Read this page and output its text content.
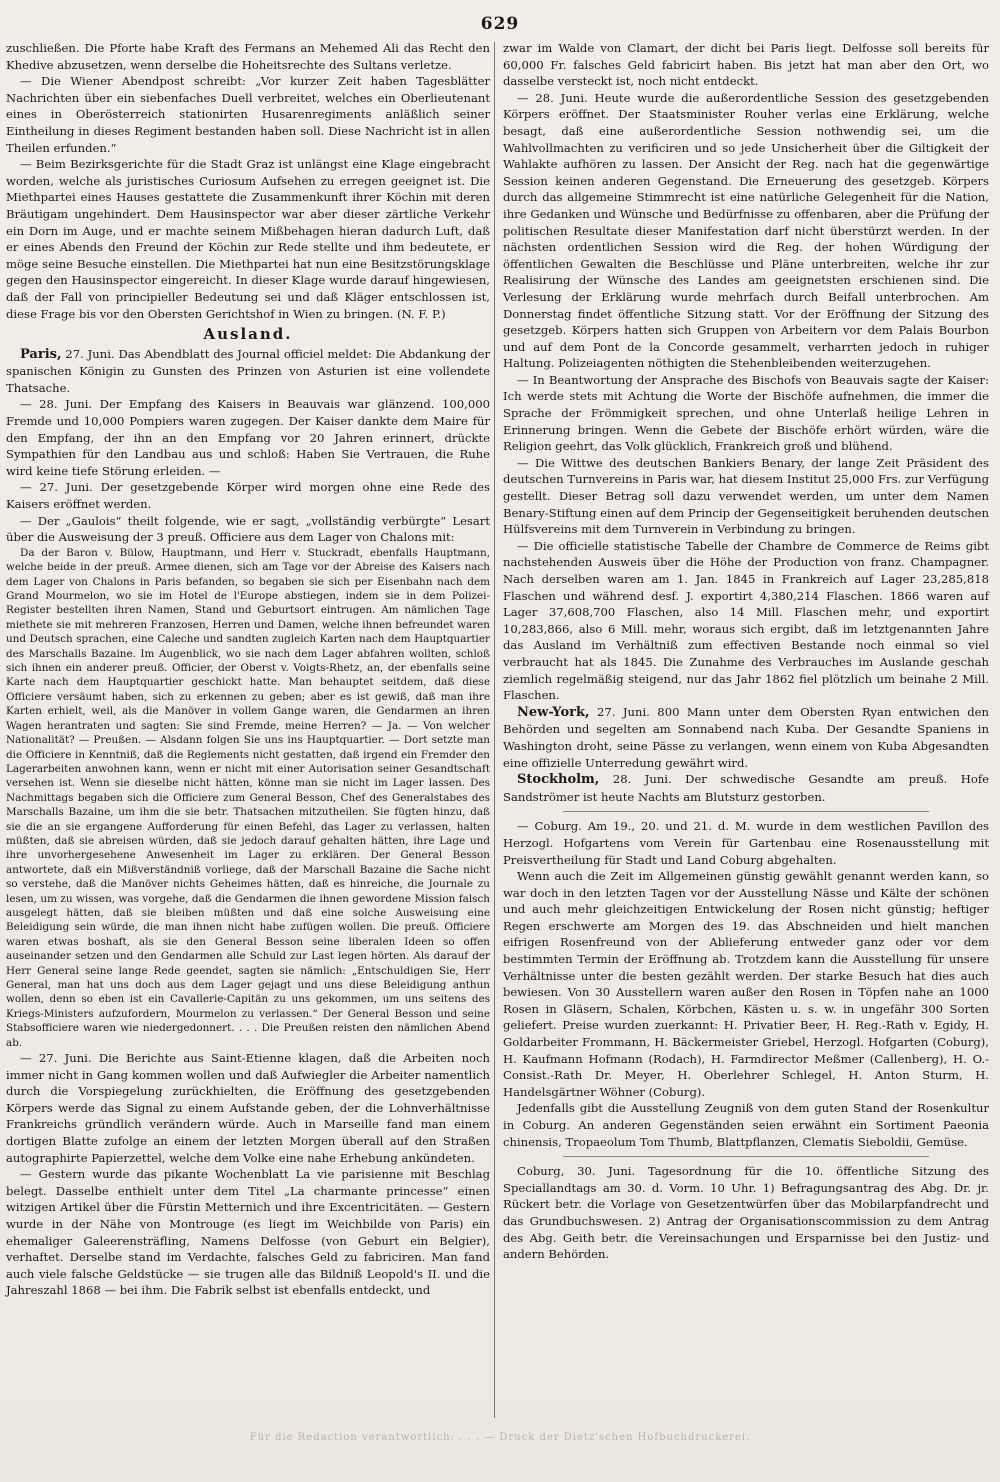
629

zuschließen. Die Pforte habe Kraft des Fermans an Mehemed Ali das Recht den Khedive abzusetzen, wenn derselbe die Hoheitsrechte des Sultans verletze.

— Die Wiener Abendpost schreibt: „Vor kurzer Zeit haben Tagesblätter Nachrichten über ein siebenfaches Duell verbreitet, welches ein Oberlieutenant eines in Oberösterreich stationirten Husarenregiments anläßlich seiner Eintheilung in dieses Regiment bestanden haben soll. Diese Nachricht ist in allen Theilen erfunden.“

— Beim Bezirksgerichte für die Stadt Graz ist unlängst eine Klage eingebracht worden, welche als juristisches Curiosum Aufsehen zu erregen geeignet ist. Die Miethpartei eines Hauses gestattete die Zusammenkunft ihrer Köchin mit deren Bräutigam ungehindert. Dem Hausinspector war aber dieser zärtliche Verkehr ein Dorn im Auge, und er machte seinem Mißbehagen hieran dadurch Luft, daß er eines Abends den Freund der Köchin zur Rede stellte und ihm bedeutete, er möge seine Besuche einstellen. Die Miethpartei hat nun eine Besitzstörungsklage gegen den Hausinspector eingereicht. In dieser Klage wurde darauf hingewiesen, daß der Fall von principieller Bedeutung sei und daß Kläger entschlossen ist, diese Frage bis vor den Obersten Gerichtshof in Wien zu bringen. (N. F. P.)

Ausland.

Paris, 27. Juni. Das Abendblatt des Journal officiel meldet: Die Abdankung der spanischen Königin zu Gunsten des Prinzen von Asturien ist eine vollendete Thatsache.

— 28. Juni. Der Empfang des Kaisers in Beauvais war glänzend. 100,000 Fremde und 10,000 Pompiers waren zugegen. Der Kaiser dankte dem Maire für den Empfang, der ihn an den Empfang vor 20 Jahren erinnert, drückte Sympathien für den Landbau aus und schloß: Haben Sie Vertrauen, die Ruhe wird keine tiefe Störung erleiden. —

— 27. Juni. Der gesetzgebende Körper wird morgen ohne eine Rede des Kaisers eröffnet werden.

— Der „Gaulois“ theilt folgende, wie er sagt, „vollständig verbürgte“ Lesart über die Ausweisung der 3 preuß. Officiere aus dem Lager von Chalons mit:

Da der Baron v. Bülow, Hauptmann, und Herr v. Stuckradt, ebenfalls Hauptmann, welche beide in der preuß. Armee dienen, sich am Tage vor der Abreise des Kaisers nach dem Lager von Chalons in Paris befanden, so begaben sie sich per Eisenbahn nach dem Grand Mourmelon, wo sie im Hotel de l'Europe abstiegen, indem sie in dem Polizei-Register bestellten ihren Namen, Stand und Geburtsort eintrugen. Am nämlichen Tage miethete sie mit mehreren Franzosen, Herren und Damen, welche ihnen befreundet waren und Deutsch sprachen, eine Caleche und sandten zugleich Karten nach dem Hauptquartier des Marschalls Bazaine. Im Augenblick, wo sie nach dem Lager abfahren wollten, schloß sich ihnen ein anderer preuß. Officier, der Oberst v. Voigts-Rhetz, an, der ebenfalls seine Karte nach dem Hauptquartier geschickt hatte. Man behauptet seitdem, daß diese Officiere versäumt haben, sich zu erkennen zu geben; aber es ist gewiß, daß man ihre Karten erhielt, weil, als die Manöver in vollem Gange waren, die Gendarmen an ihren Wagen herantraten und sagten: Sie sind Fremde, meine Herren? — Ja. — Von welcher Nationalität? — Preußen. — Alsdann folgen Sie uns ins Hauptquartier. — Dort setzte man die Officiere in Kenntniß, daß die Reglements nicht gestatten, daß irgend ein Fremder den Lagerarbeiten anwohnen kann, wenn er nicht mit einer Autorisation seiner Gesandtschaft versehen ist. Wenn sie dieselbe nicht hätten, könne man sie nicht im Lager lassen. Des Nachmittags begaben sich die Officiere zum General Besson, Chef des Generalstabes des Marschalls Bazaine, um ihm die sie betr. Thatsachen mitzutheilen. Sie fügten hinzu, daß sie die an sie ergangene Aufforderung für einen Befehl, das Lager zu verlassen, halten müßten, daß sie abreisen würden, daß sie jedoch darauf gehalten hätten, ihre Lage und ihre unvorhergesehene Anwesenheit im Lager zu erklären. Der General Besson antwortete, daß ein Mißverständniß vorliege, daß der Marschall Bazaine die Sache nicht so verstehe, daß die Manöver nichts Geheimes hätten, daß es hinreiche, die Journale zu lesen, um zu wissen, was vorgehe, daß die Gendarmen die ihnen gewordene Mission falsch ausgelegt hätten, daß sie bleiben müßten und daß eine solche Ausweisung eine Beleidigung sein würde, die man ihnen nicht habe zufügen wollen. Die preuß. Officiere waren etwas boshaft, als sie den General Besson seine liberalen Ideen so offen auseinander setzen und den Gendarmen alle Schuld zur Last legen hörten. Als darauf der Herr General seine lange Rede geendet, sagten sie nämlich: „Entschuldigen Sie, Herr General, man hat uns doch aus dem Lager gejagt und uns diese Beleidigung anthun wollen, denn so eben ist ein Cavallerie-Capitän zu uns gekommen, um uns seitens des Kriegs-Ministers aufzufordern, Mourmelon zu verlassen.“ Der General Besson und seine Stabsofficiere waren wie niedergedonnert. . . . Die Preußen reisten den nämlichen Abend ab.

— 27. Juni. Die Berichte aus Saint-Etienne klagen, daß die Arbeiten noch immer nicht in Gang kommen wollen und daß Aufwiegler die Arbeiter namentlich durch die Vorspiegelung zurückhielten, die Eröffnung des gesetzgebenden Körpers werde das Signal zu einem Aufstande geben, der die Lohnverhältnisse Frankreichs gründlich verändern würde. Auch in Marseille fand man einem dortigen Blatte zufolge an einem der letzten Morgen überall auf den Straßen autographirte Papierzettel, welche dem Volke eine nahe Erhebung ankündeten.

— Gestern wurde das pikante Wochenblatt La vie parisienne mit Beschlag belegt. Dasselbe enthielt unter dem Titel „La charmante princesse“ einen witzigen Artikel über die Fürstin Metternich und ihre Excentricitäten. — Gestern wurde in der Nähe von Montrouge (es liegt im Weichbilde von Paris) ein ehemaliger Galeerensträfling, Namens Delfosse (von Geburt ein Belgier), verhaftet. Derselbe stand im Verdachte, falsches Geld zu fabriciren. Man fand auch viele falsche Geldstücke — sie trugen alle das Bildniß Leopold's II. und die Jahreszahl 1868 — bei ihm. Die Fabrik selbst ist ebenfalls entdeckt, und

zwar im Walde von Clamart, der dicht bei Paris liegt. Delfosse soll bereits für 60,000 Fr. falsches Geld fabricirt haben. Bis jetzt hat man aber den Ort, wo dasselbe versteckt ist, noch nicht entdeckt.

— 28. Juni. Heute wurde die außerordentliche Session des gesetzgebenden Körpers eröffnet. Der Staatsminister Rouher verlas eine Erklärung, welche besagt, daß eine außerordentliche Session nothwendig sei, um die Wahlvollmachten zu verificiren und so jede Unsicherheit über die Giltigkeit der Wahlakte aufhören zu lassen. Der Ansicht der Reg. nach hat die gegenwärtige Session keinen anderen Gegenstand. Die Erneuerung des gesetzgeb. Körpers durch das allgemeine Stimmrecht ist eine natürliche Gelegenheit für die Nation, ihre Gedanken und Wünsche und Bedürfnisse zu offenbaren, aber die Prüfung der politischen Resultate dieser Manifestation darf nicht überstürzt werden. In der nächsten ordentlichen Session wird die Reg. der hohen Würdigung der öffentlichen Gewalten die Beschlüsse und Pläne unterbreiten, welche ihr zur Realisirung der Wünsche des Landes am geeignetsten erschienen sind. Die Verlesung der Erklärung wurde mehrfach durch Beifall unterbrochen. Am Donnerstag findet öffentliche Sitzung statt. Vor der Eröffnung der Sitzung des gesetzgeb. Körpers hatten sich Gruppen von Arbeitern vor dem Palais Bourbon und auf dem Pont de la Concorde gesammelt, verharrten jedoch in ruhiger Haltung. Polizeiagenten nöthigten die Stehenbleibenden weiterzugehen.

— In Beantwortung der Ansprache des Bischofs von Beauvais sagte der Kaiser: Ich werde stets mit Achtung die Worte der Bischöfe aufnehmen, die immer die Sprache der Frömmigkeit sprechen, und ohne Unterlaß heilige Lehren in Erinnerung bringen. Wenn die Gebete der Bischöfe erhört würden, wäre die Religion geehrt, das Volk glücklich, Frankreich groß und blühend.

— Die Wittwe des deutschen Bankiers Benary, der lange Zeit Präsident des deutschen Turnvereins in Paris war, hat diesem Institut 25,000 Frs. zur Verfügung gestellt. Dieser Betrag soll dazu verwendet werden, um unter dem Namen Benary-Stiftung einen auf dem Princip der Gegenseitigkeit beruhenden deutschen Hülfsvereins mit dem Turnverein in Verbindung zu bringen.

— Die officielle statistische Tabelle der Chambre de Commerce de Reims gibt nachstehenden Ausweis über die Höhe der Production von franz. Champagner. Nach derselben waren am 1. Jan. 1845 in Frankreich auf Lager 23,285,818 Flaschen und während desf. J. exportirt 4,380,214 Flaschen. 1866 waren auf Lager 37,608,700 Flaschen, also 14 Mill. Flaschen mehr, und exportirt 10,283,866, also 6 Mill. mehr, woraus sich ergibt, daß im letztgenannten Jahre das Ausland im Verhältniß zum effectiven Bestande noch einmal so viel verbraucht hat als 1845. Die Zunahme des Verbrauches im Auslande geschah ziemlich regelmäßig steigend, nur das Jahr 1862 fiel plötzlich um beinahe 2 Mill. Flaschen.

New-York, 27. Juni. 800 Mann unter dem Obersten Ryan entwichen den Behörden und segelten am Sonnabend nach Kuba. Der Gesandte Spaniens in Washington droht, seine Pässe zu verlangen, wenn einem von Kuba Abgesandten eine offizielle Unterredung gewährt wird.

Stockholm, 28. Juni. Der schwedische Gesandte am preuß. Hofe Sandströmer ist heute Nachts am Blutsturz gestorben.

— Coburg. Am 19., 20. und 21. d. M. wurde in dem westlichen Pavillon des Herzogl. Hofgartens vom Verein für Gartenbau eine Rosenausstellung mit Preisvertheilung für Stadt und Land Coburg abgehalten.

Wenn auch die Zeit im Allgemeinen günstig gewählt genannt werden kann, so war doch in den letzten Tagen vor der Ausstellung Nässe und Kälte der schönen und auch mehr gleichzeitigen Entwickelung der Rosen nicht günstig; heftiger Regen erschwerte am Morgen des 19. das Abschneiden und hielt manchen eifrigen Rosenfreund von der Ablieferung entweder ganz oder vor dem bestimmten Termin der Eröffnung ab. Trotzdem kann die Ausstellung für unsere Verhältnisse unter die besten gezählt werden. Der starke Besuch hat dies auch bewiesen. Von 30 Ausstellern waren außer den Rosen in Töpfen nahe an 1000 Rosen in Gläsern, Schalen, Körbchen, Kästen u. s. w. in ungefähr 300 Sorten geliefert. Preise wurden zuerkannt: H. Privatier Beer, H. Reg.-Rath v. Egidy, H. Goldarbeiter Frommann, H. Bäckermeister Griebel, Herzogl. Hofgarten (Coburg), H. Kaufmann Hofmann (Rodach), H. Farmdirector Meßmer (Callenberg), H. O.-Consist.-Rath Dr. Meyer, H. Oberlehrer Schlegel, H. Anton Sturm, H. Handelsgärtner Wöhner (Coburg).

Jedenfalls gibt die Ausstellung Zeugniß von dem guten Stand der Rosenkultur in Coburg. An anderen Gegenständen seien erwähnt ein Sortiment Paeonia chinensis, Tropaeolum Tom Thumb, Blattpflanzen, Clematis Sieboldii, Gemüse.

Coburg, 30. Juni. Tagesordnung für die 10. öffentliche Sitzung des Speciallandtags am 30. d. Vorm. 10 Uhr. 1) Befragungsantrag des Abg. Dr. jr. Rückert betr. die Vorlage von Gesetzentwürfen über das Mobilarpfandrecht und das Grundbuchswesen. 2) Antrag der Organisationscommission zu dem Antrag des Abg. Geith betr. die Vereinsachungen und Ersparnisse bei den Justiz- und andern Behörden.

Für die Redaction verantwortlich: . . . — Druck der Dietz'schen Hofbuchdruckerei.
